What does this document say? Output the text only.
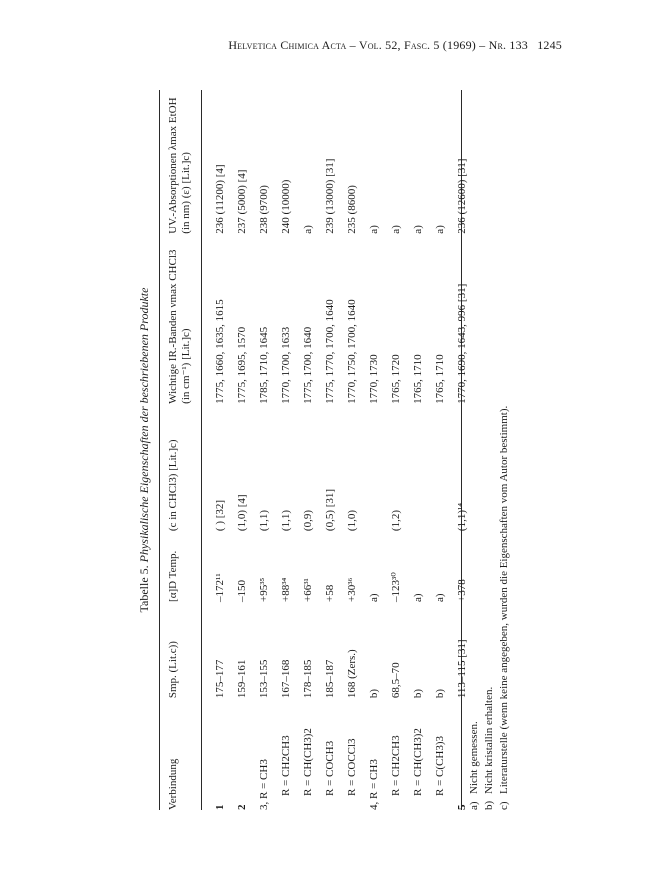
Helvetica Chimica Acta – Vol. 52, Fasc. 5 (1969) – Nr. 133 1245
Tabelle 5. Physikalische Eigenschaften der beschriebenen Produkte
Verbindung	Smp. (Lit.c))	[α]D Temp.	(c in CHCl3) [Lit.]c)	Wichtige IR.-Banden νmax CHCl3 (in cm⁻¹) [Lit.]c)	UV.-Absorptionen λmax EtOH (in nm) (ε) [Lit.]c)
1	175–177	–172¹¹	( ) [32]	1775, 1660, 1635, 1615	236 (11200) [4]
2	159–161	–150	(1,0) [4]	1775, 1695, 1570	237 (5000) [4]
3, R = CH3	153–155	+95³⁵	(1,1)	1785, 1710, 1645	238 (9700)
R = CH2CH3	167–168	+88³⁴	(1,1)	1770, 1700, 1633	240 (10000)
R = CH(CH3)2	178–185	+66³¹	(0,9)	1775, 1700, 1640	a)
R = COCH3	185–187	+58	(0,5) [31]	1775, 1770, 1700, 1640	239 (13000) [31]
R = COCCl3	168 (Zers.)	+30³⁶	(1,0)	1770, 1750, 1700, 1640	235 (8600)
4, R = CH3	b)	a)		1770, 1730	a)
R = CH2CH3	68,5–70	–123³⁰	(1,2)	1765, 1720	a)
R = CH(CH3)2	b)	a)		1765, 1710	a)
R = C(CH3)3	b)	a)		1765, 1710	a)
5	113–115 [31]	+378	(1,1)¹⁴	1770, 1690, 1643, 996 [31]	236 (12600) [31]
a)
Nicht gemessen.
b)
Nicht kristallin erhalten.
c)
Literaturstelle (wenn keine angegeben, wurden die Eigenschaften vom Autor bestimmt).
